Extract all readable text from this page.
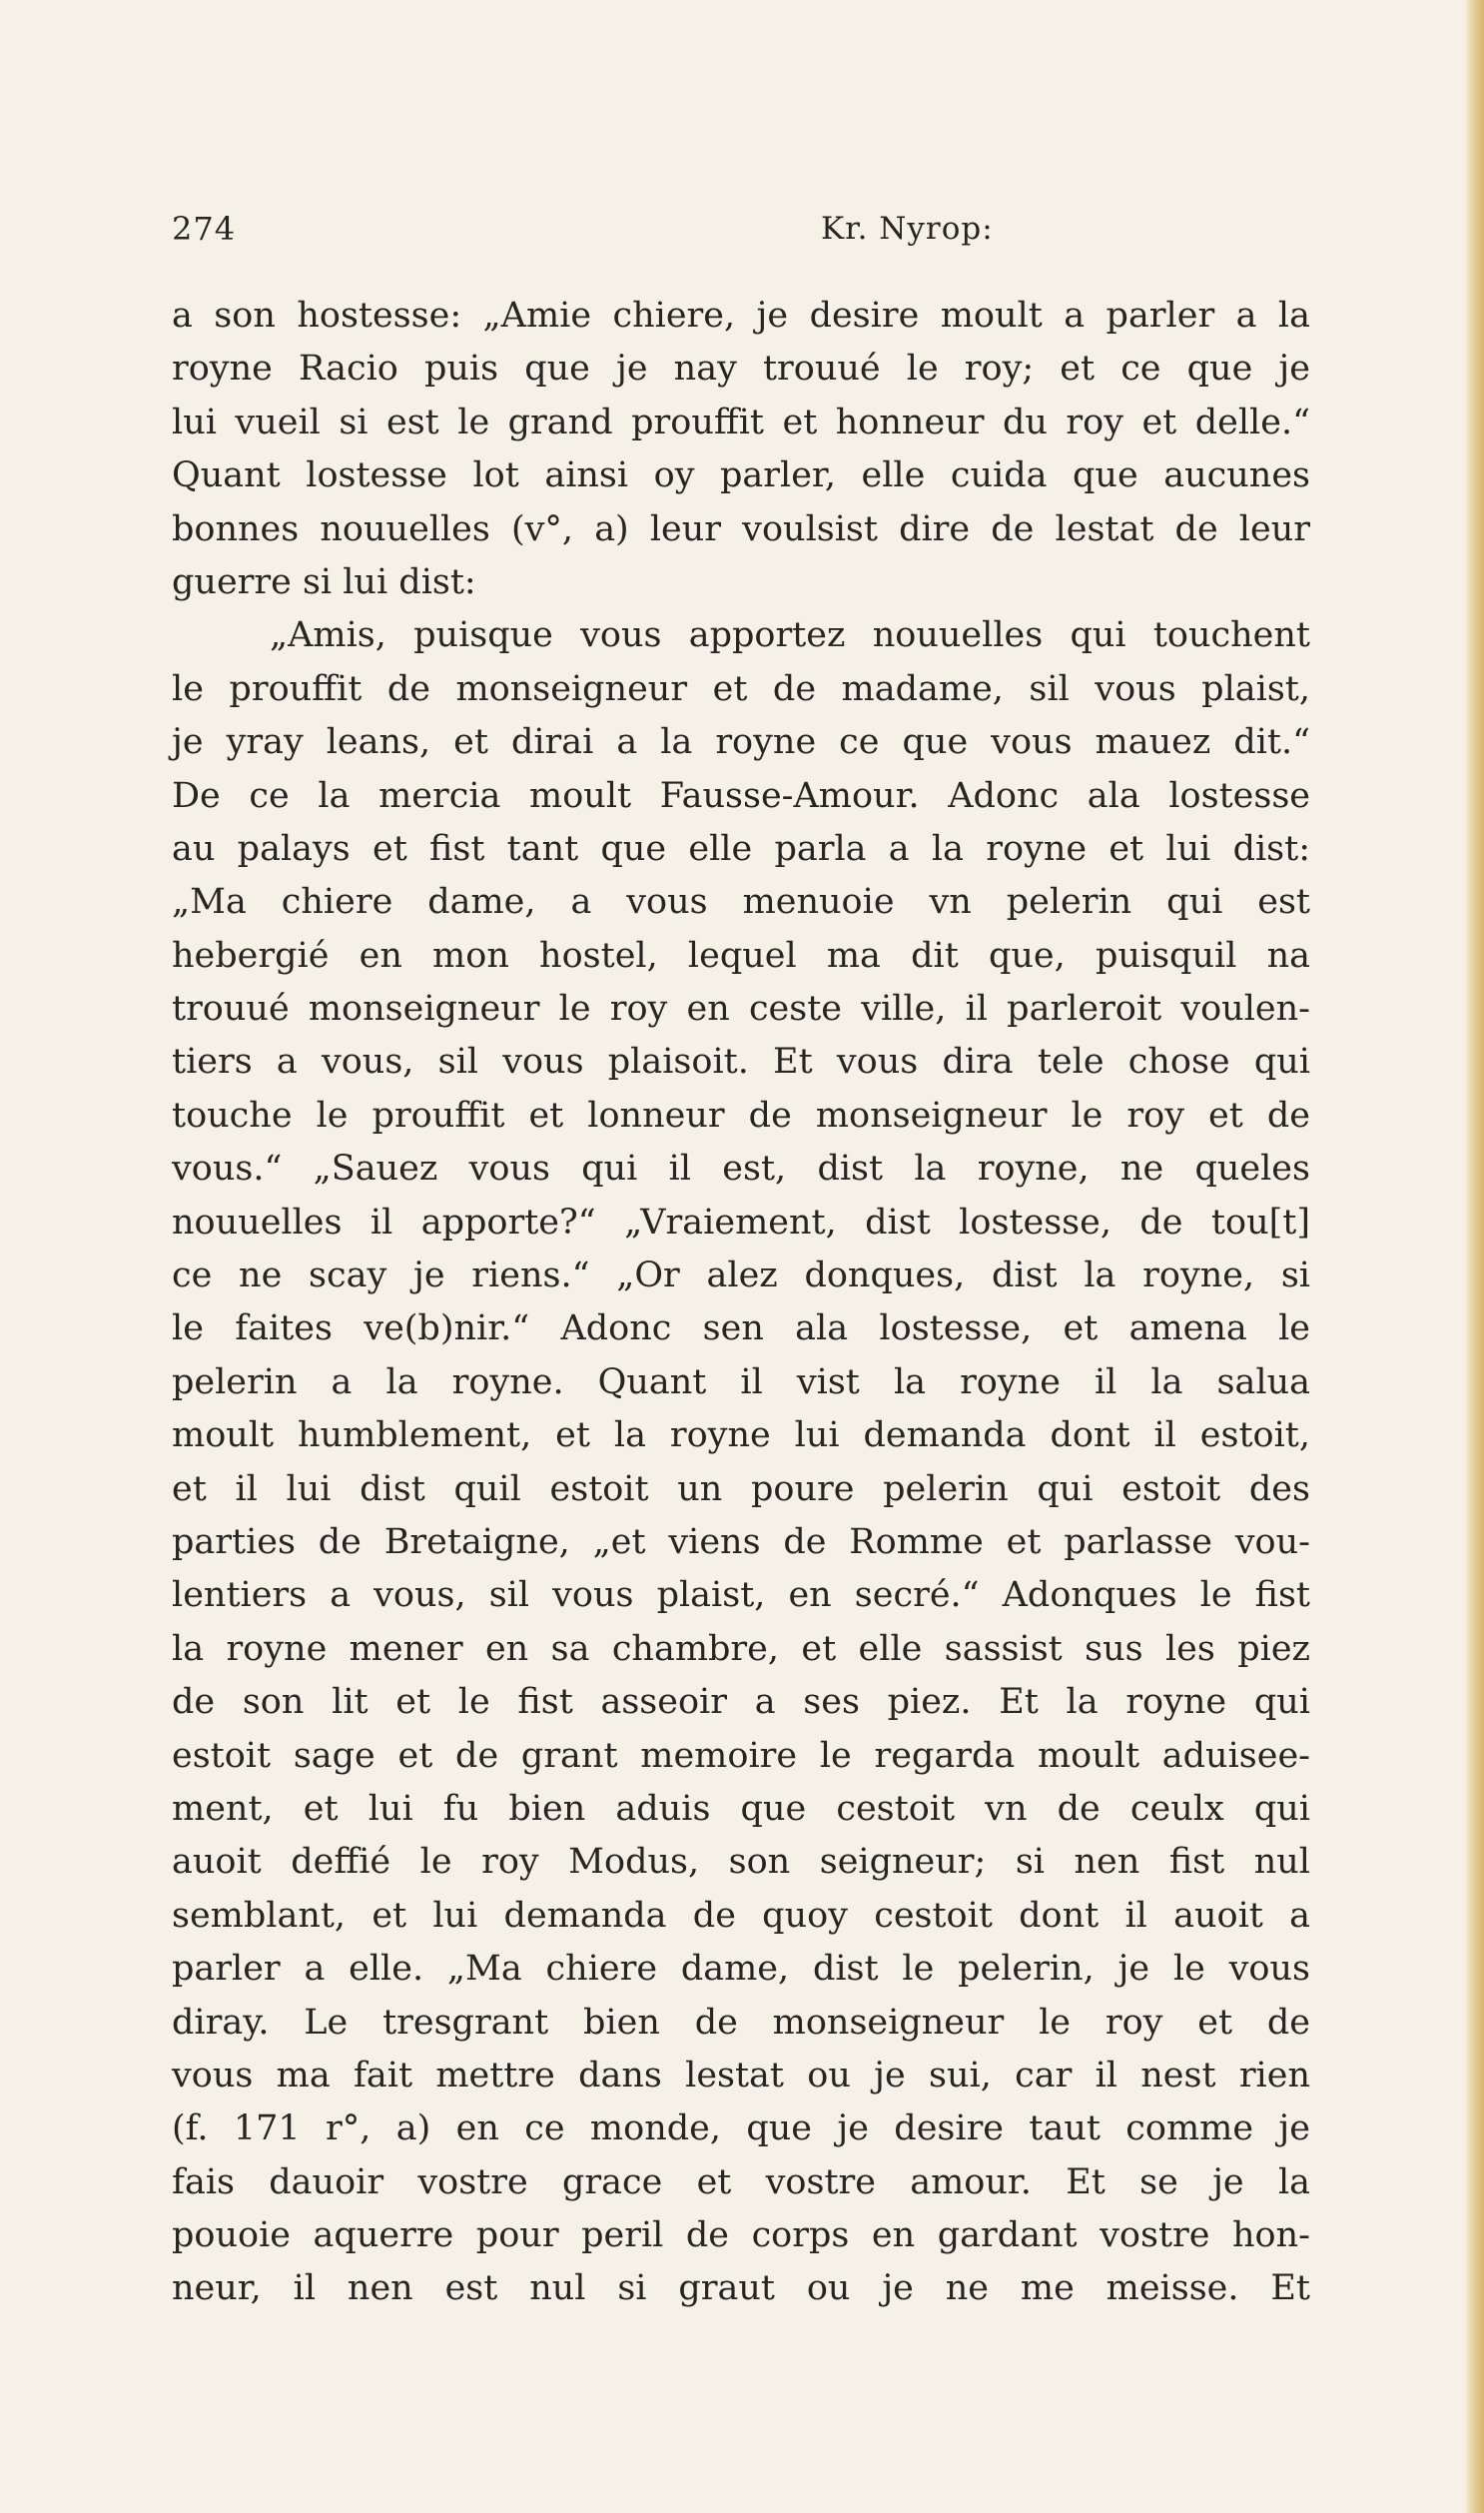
274	Kr. Nyrop:
a son hostesse: „Amie chiere, je desire moult a parler a la
royne Racio puis que je nay trouué le roy; et ce que je
lui vueil si est le grand prouffit et honneur du roy et delle.“
Quant lostesse lot ainsi oy parler, elle cuida que aucunes
bonnes nouuelles (v°, a) leur voulsist dire de lestat de leur
guerre si lui dist:
„Amis, puisque vous apportez nouuelles qui touchent
le prouffit de monseigneur et de madame, sil vous plaist,
je yray leans, et dirai a la royne ce que vous mauez dit.“
De ce la mercia moult Fausse-Amour. Adonc ala lostesse
au palays et fist tant que elle parla a la royne et lui dist:
„Ma chiere dame, a vous menuoie vn pelerin qui est
hebergié en mon hostel, lequel ma dit que, puisquil na
trouué monseigneur le roy en ceste ville, il parleroit voulen-
tiers a vous, sil vous plaisoit. Et vous dira tele chose qui
touche le prouffit et lonneur de monseigneur le roy et de
vous.“ „Sauez vous qui il est, dist la royne, ne queles
nouuelles il apporte?“ „Vraiement, dist lostesse, de tou[t]
ce ne scay je riens.“ „Or alez donques, dist la royne, si
le faites ve(b)nir.“ Adonc sen ala lostesse, et amena le
pelerin a la royne. Quant il vist la royne il la salua
moult humblement, et la royne lui demanda dont il estoit,
et il lui dist quil estoit un poure pelerin qui estoit des
parties de Bretaigne, „et viens de Romme et parlasse vou-
lentiers a vous, sil vous plaist, en secré.“ Adonques le fist
la royne mener en sa chambre, et elle sassist sus les piez
de son lit et le fist asseoir a ses piez. Et la royne qui
estoit sage et de grant memoire le regarda moult aduisee-
ment, et lui fu bien aduis que cestoit vn de ceulx qui
auoit deffié le roy Modus, son seigneur; si nen fist nul
semblant, et lui demanda de quoy cestoit dont il auoit a
parler a elle. „Ma chiere dame, dist le pelerin, je le vous
diray. Le tresgrant bien de monseigneur le roy et de
vous ma fait mettre dans lestat ou je sui, car il nest rien
(f. 171 r°, a) en ce monde, que je desire taut comme je
fais dauoir vostre grace et vostre amour. Et se je la
pouoie aquerre pour peril de corps en gardant vostre hon-
neur, il nen est nul si graut ou je ne me meisse. Et
